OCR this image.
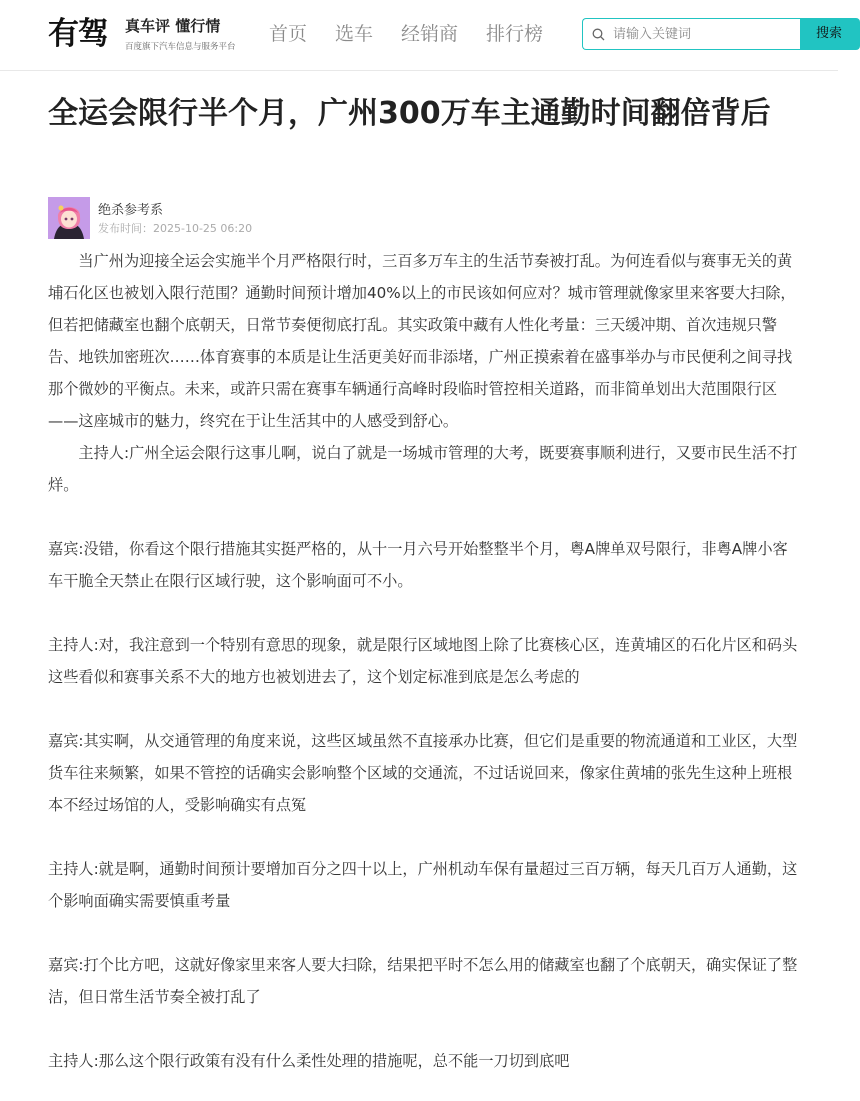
有驾 真车评 懂行情
百度旗下汽车信息与服务平台
首页 选车 经销商 排行榜
请输入关键词	搜索
全运会限行半个月，广州300万车主通勤时间翻倍背后
绝杀参考系
发布时间：2025-10-25 06:20

当广州为迎接全运会实施半个月严格限行时，三百多万车主的生活节奏被打乱。为何连看似与赛事无关的黄埔石化区也被划入限行范围？通勤时间预计增加40%以上的市民该如何应对？城市管理就像家里来客要大扫除，但若把储藏室也翻个底朝天，日常节奏便彻底打乱。其实政策中藏有人性化考量：三天缓冲期、首次违规只警告、地铁加密班次……体育赛事的本质是让生活更美好而非添堵，广州正摸索着在盛事举办与市民便利之间寻找那个微妙的平衡点。未来，或許只需在赛事车辆通行高峰时段临时管控相关道路，而非简单划出大范围限行区——这座城市的魅力，终究在于让生活其中的人感受到舒心。

主持人:广州全运会限行这事儿啊，说白了就是一场城市管理的大考，既要赛事顺利进行，又要市民生活不打烊。

嘉宾:没错，你看这个限行措施其实挺严格的，从十一月六号开始整整半个月，粤A牌单双号限行，非粤A牌小客车干脆全天禁止在限行区域行驶，这个影响面可不小。

主持人:对，我注意到一个特别有意思的现象，就是限行区域地图上除了比赛核心区，连黄埔区的石化片区和码头这些看似和赛事关系不大的地方也被划进去了，这个划定标准到底是怎么考虑的

嘉宾:其实啊，从交通管理的角度来说，这些区域虽然不直接承办比赛，但它们是重要的物流通道和工业区，大型货车往来频繁，如果不管控的话确实会影响整个区域的交通流，不过话说回来，像家住黄埔的张先生这种上班根本不经过场馆的人，受影响确实有点冤

主持人:就是啊，通勤时间预计要增加百分之四十以上，广州机动车保有量超过三百万辆，每天几百万人通勤，这个影响面确实需要慎重考量

嘉宾:打个比方吧，这就好像家里来客人要大扫除，结果把平时不怎么用的储藏室也翻了个底朝天，确实保证了整洁，但日常生活节奏全被打乱了

主持人:那么这个限行政策有没有什么柔性处理的措施呢，总不能一刀切到底吧
